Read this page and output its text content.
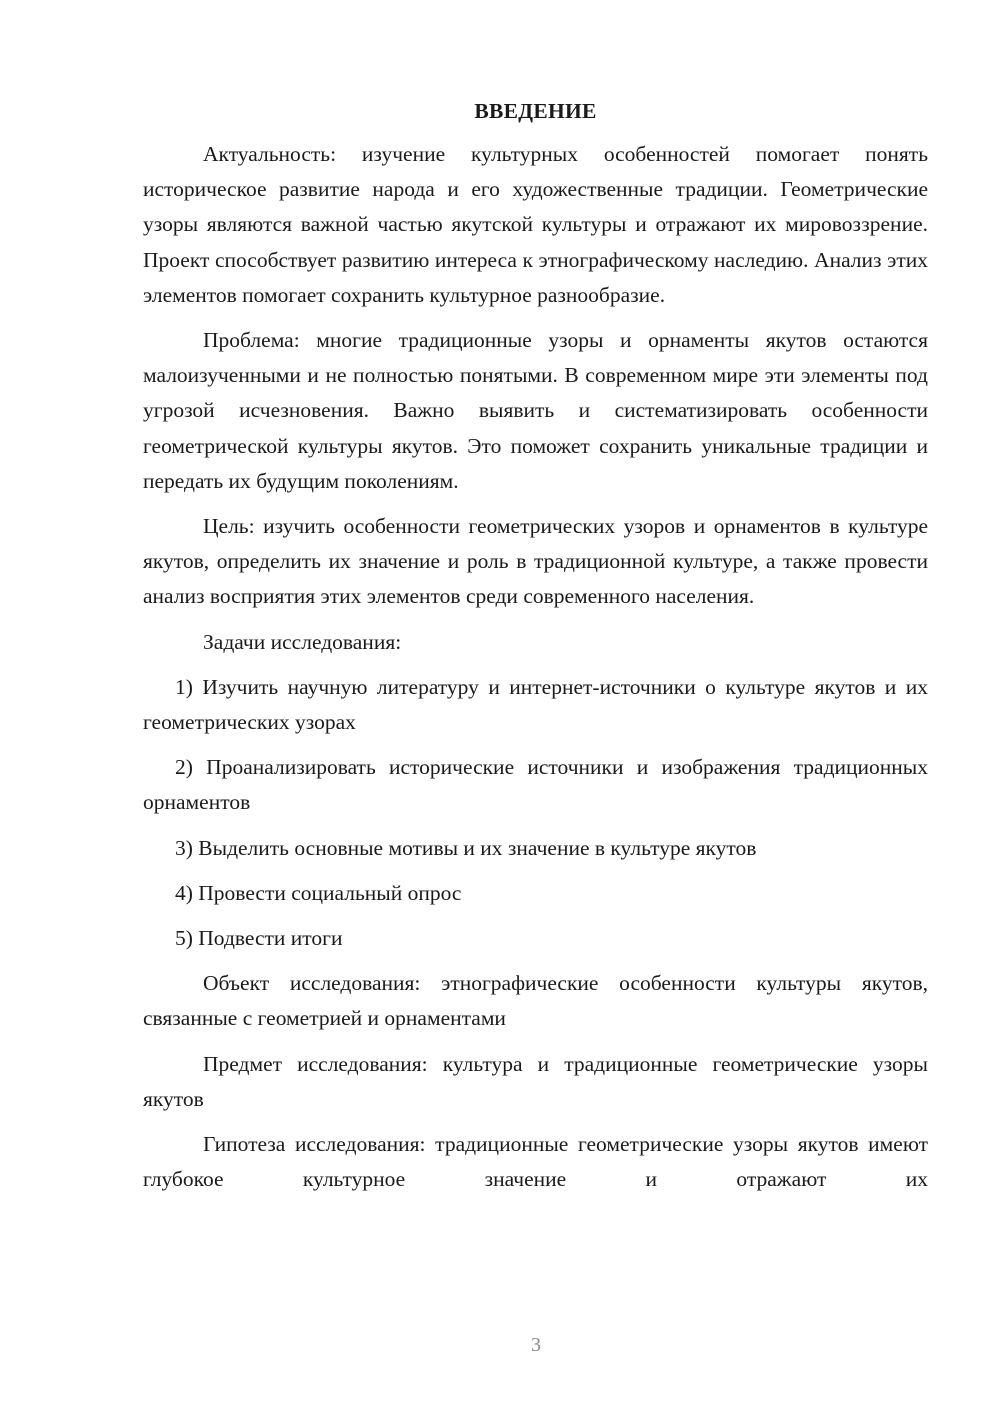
ВВЕДЕНИЕ

Актуальность: изучение культурных особенностей помогает понять историческое развитие народа и его художественные традиции. Геометрические узоры являются важной частью якутской культуры и отражают их мировоззрение. Проект способствует развитию интереса к этнографическому наследию. Анализ этих элементов помогает сохранить культурное разнообразие.

Проблема: многие традиционные узоры и орнаменты якутов остаются малоизученными и не полностью понятыми. В современном мире эти элементы под угрозой исчезновения. Важно выявить и систематизировать особенности геометрической культуры якутов. Это поможет сохранить уникальные традиции и передать их будущим поколениям.

Цель: изучить особенности геометрических узоров и орнаментов в культуре якутов, определить их значение и роль в традиционной культуре, а также провести анализ восприятия этих элементов среди современного населения.

Задачи исследования:

1) Изучить научную литературу и интернет-источники о культуре якутов и их геометрических узорах

2) Проанализировать исторические источники и изображения традиционных орнаментов

3) Выделить основные мотивы и их значение в культуре якутов

4) Провести социальный опрос

5) Подвести итоги

Объект исследования: этнографические особенности культуры якутов, связанные с геометрией и орнаментами

Предмет исследования: культура и традиционные геометрические узоры якутов

Гипотеза исследования: традиционные геометрические узоры якутов имеют глубокое культурное значение и отражают их

3
